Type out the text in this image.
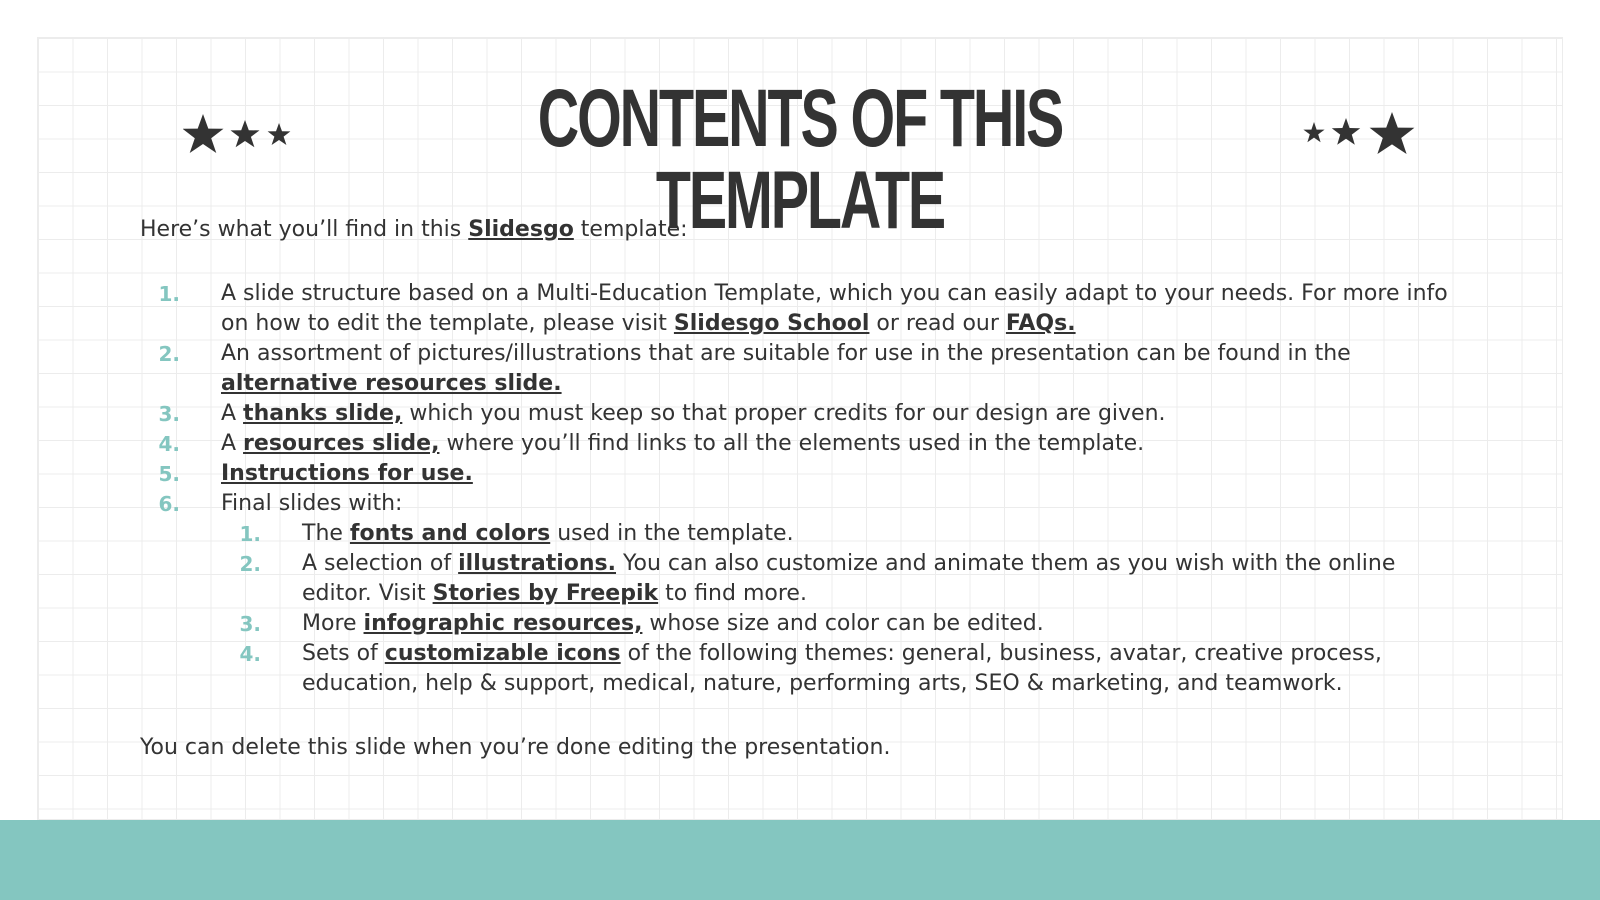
CONTENTS OF THIS TEMPLATE

Here’s what you’ll find in this Slidesgo template:

1. A slide structure based on a Multi-Education Template, which you can easily adapt to your needs. For more info on how to edit the template, please visit Slidesgo School or read our FAQs.
2. An assortment of pictures/illustrations that are suitable for use in the presentation can be found in the alternative resources slide.
3. A thanks slide, which you must keep so that proper credits for our design are given.
4. A resources slide, where you’ll find links to all the elements used in the template.
5. Instructions for use.
6. Final slides with:
1. The fonts and colors used in the template.
2. A selection of illustrations. You can also customize and animate them as you wish with the online editor. Visit Stories by Freepik to find more.
3. More infographic resources, whose size and color can be edited.
4. Sets of customizable icons of the following themes: general, business, avatar, creative process, education, help & support, medical, nature, performing arts, SEO & marketing, and teamwork.

You can delete this slide when you’re done editing the presentation.
